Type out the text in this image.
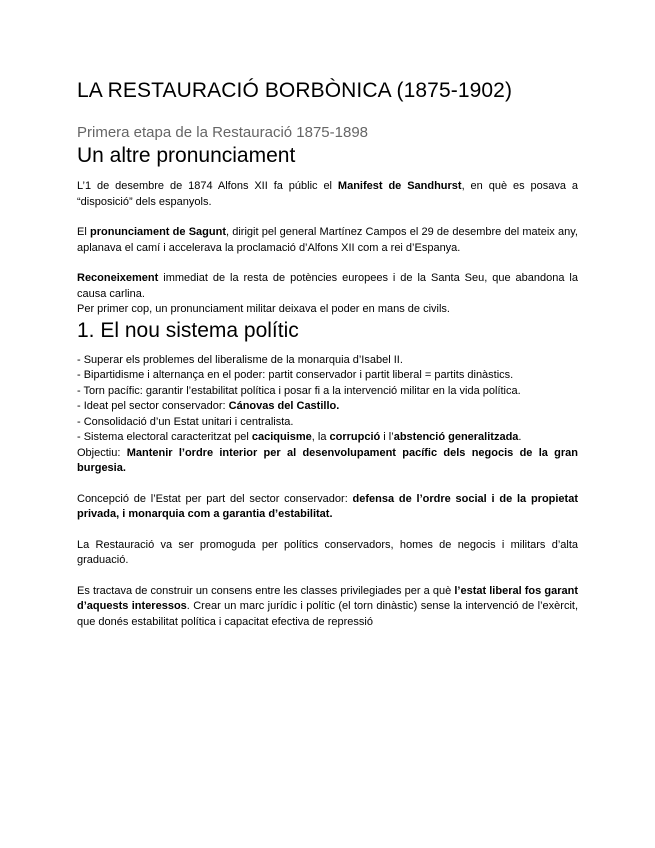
LA RESTAURACIÓ BORBÒNICA (1875-1902)
Primera etapa de la Restauració 1875-1898
Un altre pronunciament

L’1 de desembre de 1874 Alfons XII fa públic el Manifest de Sandhurst, en què es posava a “disposició” dels espanyols.

El pronunciament de Sagunt, dirigit pel general Martínez Campos el 29 de desembre del mateix any, aplanava el camí i accelerava la proclamació d’Alfons XII com a rei d’Espanya.

Reconeixement immediat de la resta de potències europees i de la Santa Seu, que abandona la causa carlina.

Per primer cop, un pronunciament militar deixava el poder en mans de civils.

1. El nou sistema polític
- Superar els problemes del liberalisme de la monarquia d’Isabel II.
- Bipartidisme i alternança en el poder: partit conservador i partit liberal = partits dinàstics.
- Torn pacífic: garantir l’estabilitat política i posar fi a la intervenció militar en la vida política.
- Ideat pel sector conservador: Cánovas del Castillo.
- Consolidació d’un Estat unitari i centralista.
- Sistema electoral caracteritzat pel caciquisme, la corrupció i l’abstenció generalitzada.

Objectiu: Mantenir l’ordre interior per al desenvolupament pacífic dels negocis de la gran burgesia.

Concepció de l’Estat per part del sector conservador: defensa de l’ordre social i de la propietat privada, i monarquia com a garantia d’estabilitat.

La Restauració va ser promoguda per polítics conservadors, homes de negocis i militars d’alta graduació.

Es tractava de construir un consens entre les classes privilegiades per a què l’estat liberal fos garant d’aquests interessos. Crear un marc jurídic i polític (el torn dinàstic) sense la intervenció de l’exèrcit, que donés estabilitat política i capacitat efectiva de repressió
